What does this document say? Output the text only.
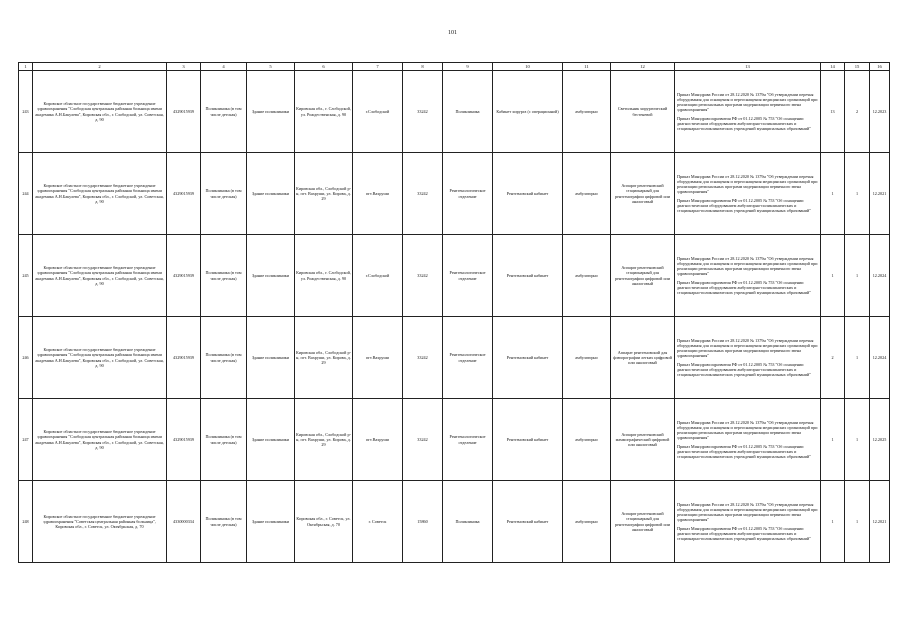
101
1	2	3	4	5	6	7	8	9	10	11	12	13	14	15	16
243	Кировское областное государственное бюджетное учреждение здравоохранения "Слободская центральная районная больница имени академика А.Н.Бакулева", Кировская обл., г. Слободской, ул. Советская, д. 90	4329015939	Поликлиника (в том числе детская)	Здание поликлиники	Кировская обл., г. Слободской, ул. Рождественская, д. 90	г.Слободской	33242	Поликлиника	Кабинет хирурга (с операционной)	амбулаторно	Светильник хирургический бестеневой	Приказ Минздрава России от 28.12.2020 № 1379н "Об утверждении перечня оборудования для оснащения и переоснащения медицинских организаций при реализации региональных программ модернизации первичного звена здравоохранения"

Приказ Минздравсоцразвития РФ от 01.12.2005 № 753 "Об оснащении диагностическим оборудованием амбулаторно-поликлинических и стационарно-поликлинических учреждений муниципальных образований"	13	2	12.2023
244	Кировское областное государственное бюджетное учреждение здравоохранения "Слободская центральная районная больница имени академика А.Н.Бакулева", Кировская обл., г. Слободской, ул. Советская, д. 90	4329015939	Поликлиника (в том числе детская)	Здание поликлиники	Кировская обл., Слободской р-н, пгт. Вахруши, ул. Кирова, д. 29	пгт.Вахруши	33242	Рентгенологическое отделение	Рентгеновский кабинет	амбулаторно	Аппарат рентгеновский стационарный для рентгенографии цифровой или аналоговый	Приказ Минздрава России от 28.12.2020 № 1379н "Об утверждении перечня оборудования для оснащения и переоснащения медицинских организаций при реализации региональных программ модернизации первичного звена здравоохранения"

Приказ Минздравсоцразвития РФ от 01.12.2005 № 753 "Об оснащении диагностическим оборудованием амбулаторно-поликлинических и стационарно-поликлинических учреждений муниципальных образований"	1	1	12.2021
245	Кировское областное государственное бюджетное учреждение здравоохранения "Слободская центральная районная больница имени академика А.Н.Бакулева", Кировская обл., г. Слободской, ул. Советская, д. 90	4329015939	Поликлиника (в том числе детская)	Здание поликлиники	Кировская обл., г. Слободской, ул. Рождественская, д. 90	г.Слободской	33242	Рентгенологическое отделение	Рентгеновский кабинет	амбулаторно	Аппарат рентгеновский стационарный для рентгенографии цифровой или аналоговый	Приказ Минздрава России от 28.12.2020 № 1379н "Об утверждении перечня оборудования для оснащения и переоснащения медицинских организаций при реализации региональных программ модернизации первичного звена здравоохранения"

Приказ Минздравсоцразвития РФ от 01.12.2005 № 753 "Об оснащении диагностическим оборудованием амбулаторно-поликлинических и стационарно-поликлинических учреждений муниципальных образований"	1	1	12.2024
246	Кировское областное государственное бюджетное учреждение здравоохранения "Слободская центральная районная больница имени академика А.Н.Бакулева", Кировская обл., г. Слободской, ул. Советская, д. 90	4329015939	Поликлиника (в том числе детская)	Здание поликлиники	Кировская обл., Слободской р-н, пгт. Вахруши, ул. Кирова, д. 29	пгт.Вахруши	33242	Рентгенологическое отделение	Рентгеновский кабинет	амбулаторно	Аппарат рентгеновский для флюорографии легких цифровой или аналоговый	Приказ Минздрава России от 28.12.2020 № 1379н "Об утверждении перечня оборудования для оснащения и переоснащения медицинских организаций при реализации региональных программ модернизации первичного звена здравоохранения"

Приказ Минздравсоцразвития РФ от 01.12.2005 № 753 "Об оснащении диагностическим оборудованием амбулаторно-поликлинических и стационарно-поликлинических учреждений муниципальных образований"	2	1	12.2024
247	Кировское областное государственное бюджетное учреждение здравоохранения "Слободская центральная районная больница имени академика А.Н.Бакулева", Кировская обл., г. Слободской, ул. Советская, д. 90	4329015939	Поликлиника (в том числе детская)	Здание поликлиники	Кировская обл., Слободской р-н, пгт. Вахруши, ул. Кирова, д. 29	пгт.Вахруши	33242	Рентгенологическое отделение	Рентгеновский кабинет	амбулаторно	Аппарат рентгеновский маммографический цифровой или аналоговый	Приказ Минздрава России от 28.12.2020 № 1379н "Об утверждении перечня оборудования для оснащения и переоснащения медицинских организаций при реализации региональных программ модернизации первичного звена здравоохранения"

Приказ Минздравсоцразвития РФ от 01.12.2005 № 753 "Об оснащении диагностическим оборудованием амбулаторно-поликлинических и стационарно-поликлинических учреждений муниципальных образований"	1	1	12.2025
248	Кировское областное государственное бюджетное учреждение здравоохранения "Советская центральная районная больница", Кировская обл., г. Советск, ул. Октябрьская, д. 70	4330000334	Поликлиника (в том числе детская)	Здание поликлиники	Кировская обл., г. Советск, ул. Октябрьская, д. 70	г. Советск	15860	Поликлиника	Рентгеновский кабинет	амбулаторно	Аппарат рентгеновский стационарный для рентгенографии цифровой или аналоговый	Приказ Минздрава России от 28.12.2020 № 1379н "Об утверждении перечня оборудования для оснащения и переоснащения медицинских организаций при реализации региональных программ модернизации первичного звена здравоохранения"

Приказ Минздравсоцразвития РФ от 01.12.2005 № 753 "Об оснащении диагностическим оборудованием амбулаторно-поликлинических и стационарно-поликлинических учреждений муниципальных образований"	1	1	12.2021
